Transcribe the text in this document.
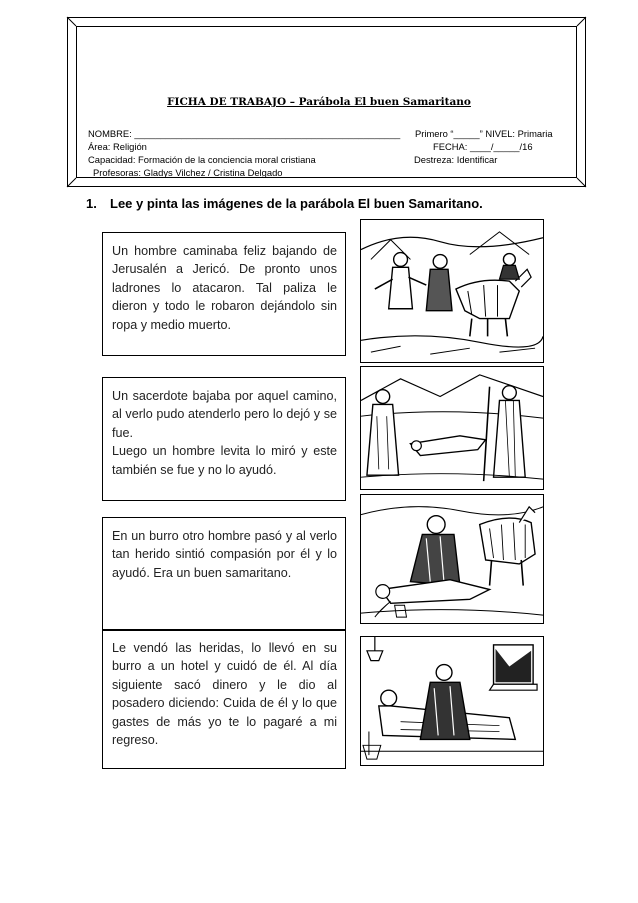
FICHA DE TRABAJO – Parábola El buen Samaritano
NOMBRE: ___________________________________________________ Primero “_____” NIVEL: Primaria
Área: Religión	FECHA: ____/_____/16
Capacidad: Formación de la conciencia moral cristiana	Destreza: Identificar
Profesoras: Gladys Vilchez / Cristina Delgado
1. Lee y pinta las imágenes de la parábola El buen Samaritano.

Un hombre caminaba feliz bajando de Jerusalén a Jericó. De pronto unos ladrones lo atacaron. Tal paliza le dieron y todo le robaron dejándolo sin ropa y medio muerto.

Un sacerdote bajaba por aquel camino, al verlo pudo atenderlo pero lo dejó y se fue.

Luego un hombre levita lo miró y este también se fue y no lo ayudó.

En un burro otro hombre pasó y al verlo tan herido sintió compasión por él y lo ayudó. Era un buen samaritano.

Le vendó las heridas, lo llevó en su burro a un hotel y cuidó de él. Al día siguiente sacó dinero y le dio al posadero diciendo: Cuida de él y lo que gastes de más yo te lo pagaré a mi regreso.
